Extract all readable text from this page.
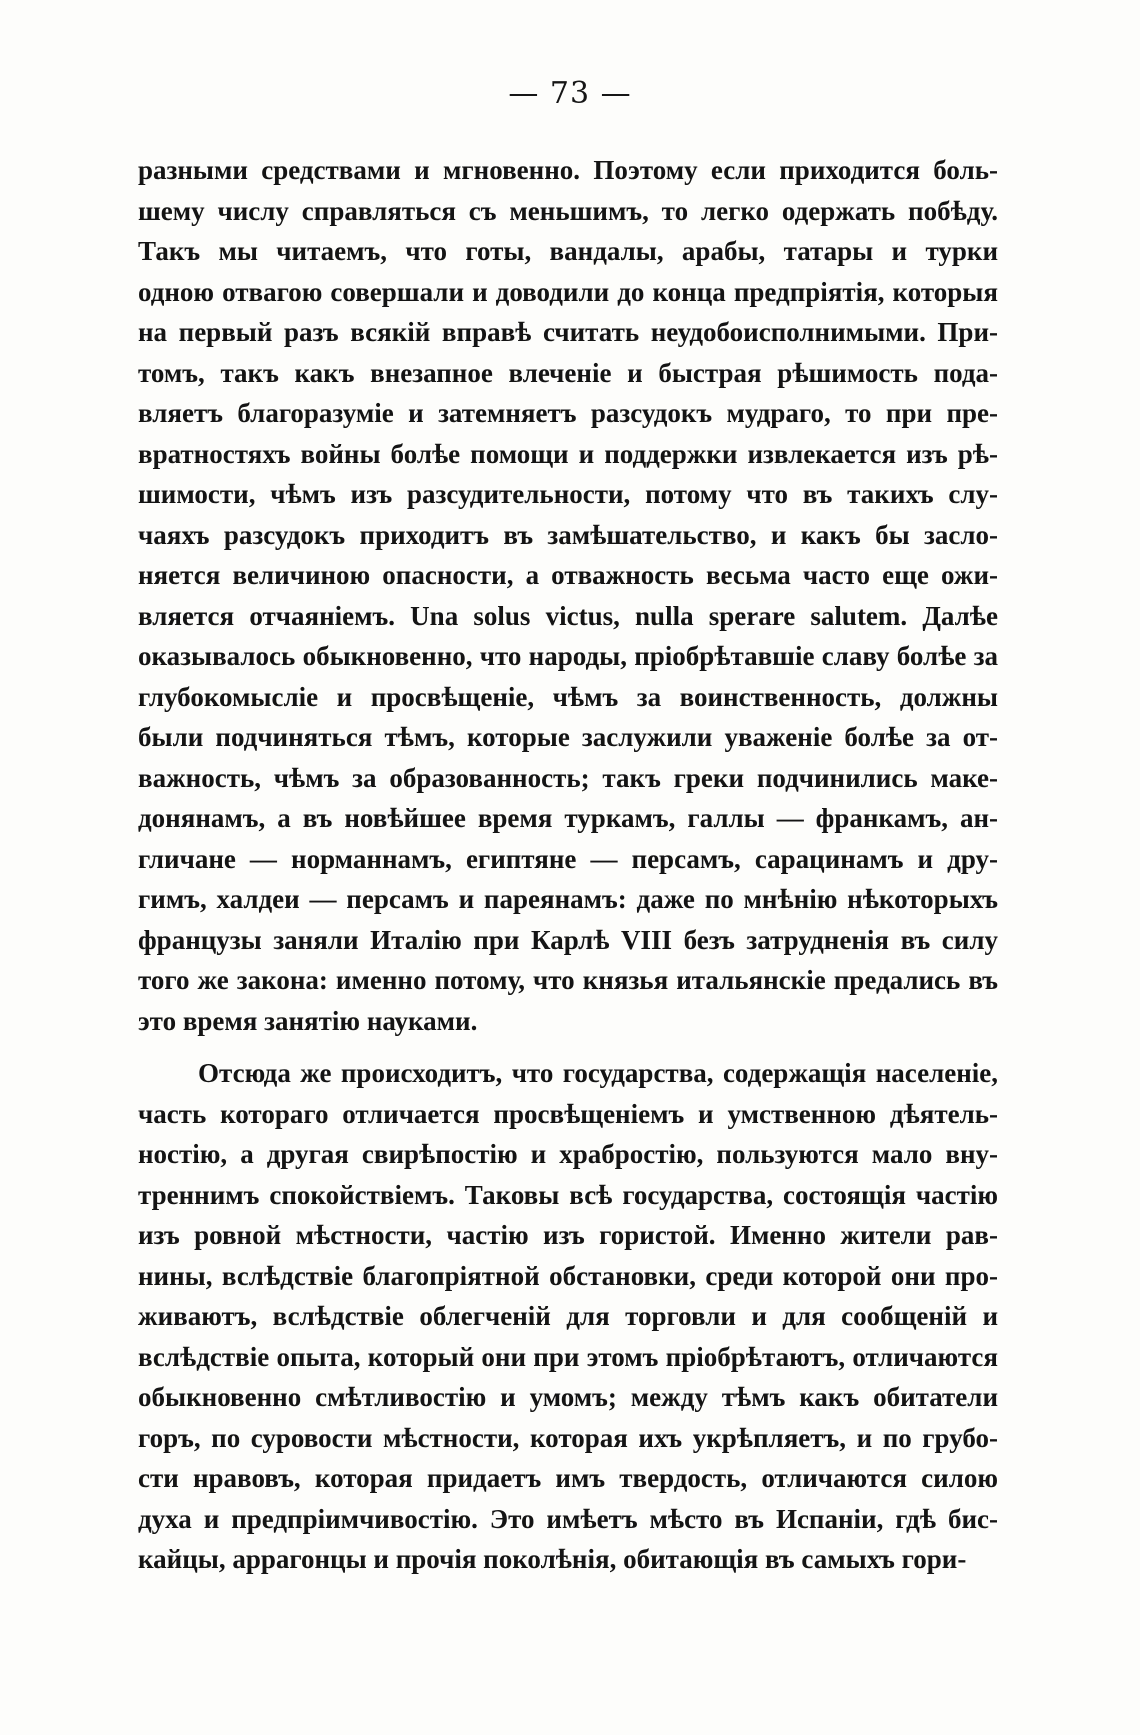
— 73 —
разными средствами и мгновенно. Поэтому если приходится боль-
шему числу справляться съ меньшимъ, то легко одержать побѣду.
Такъ мы читаемъ, что готы, вандалы, арабы, татары и турки
одною отвагою совершали и доводили до конца предпріятія, которыя
на первый разъ всякій вправѣ считать неудобоисполнимыми. При-
томъ, такъ какъ внезапное влеченіе и быстрая рѣшимость пода-
вляетъ благоразуміе и затемняетъ разсудокъ мудраго, то при пре-
вратностяхъ войны болѣе помощи и поддержки извлекается изъ рѣ-
шимости, чѣмъ изъ разсудительности, потому что въ такихъ слу-
чаяхъ разсудокъ приходитъ въ замѣшательство, и какъ бы засло-
няется величиною опасности, а отважность весьма часто еще ожи-
вляется отчаяніемъ. Una solus victus, nulla sperare salutem. Далѣе
оказывалось обыкновенно, что народы, пріобрѣтавшіе славу болѣе за
глубокомысліе и просвѣщеніе, чѣмъ за воинственность, должны
были подчиняться тѣмъ, которые заслужили уваженіе болѣе за от-
важность, чѣмъ за образованность; такъ греки подчинились маке-
донянамъ, а въ новѣйшее время туркамъ, галлы — франкамъ, ан-
гличане — норманнамъ, египтяне — персамъ, сарацинамъ и дру-
гимъ, халдеи — персамъ и пареянамъ: даже по мнѣнію нѣкоторыхъ
французы заняли Италію при Карлѣ VIII безъ затрудненія въ силу
того же закона: именно потому, что князья итальянскіе предались въ
это время занятію науками.
Отсюда же происходитъ, что государства, содержащія населеніе,
часть котораго отличается просвѣщеніемъ и умственною дѣятель-
ностію, а другая свирѣпостію и храбростію, пользуются мало вну-
треннимъ спокойствіемъ. Таковы всѣ государства, состоящія частію
изъ ровной мѣстности, частію изъ гористой. Именно жители рав-
нины, вслѣдствіе благопріятной обстановки, среди которой они про-
живаютъ, вслѣдствіе облегченій для торговли и для сообщеній и
вслѣдствіе опыта, который они при этомъ пріобрѣтаютъ, отличаются
обыкновенно смѣтливостію и умомъ; между тѣмъ какъ обитатели
горъ, по суровости мѣстности, которая ихъ укрѣпляетъ, и по грубо-
сти нравовъ, которая придаетъ имъ твердость, отличаются силою
духа и предпріимчивостію. Это имѣетъ мѣсто въ Испаніи, гдѣ бис-
кайцы, аррагонцы и прочія поколѣнія, обитающія въ самыхъ гори-
